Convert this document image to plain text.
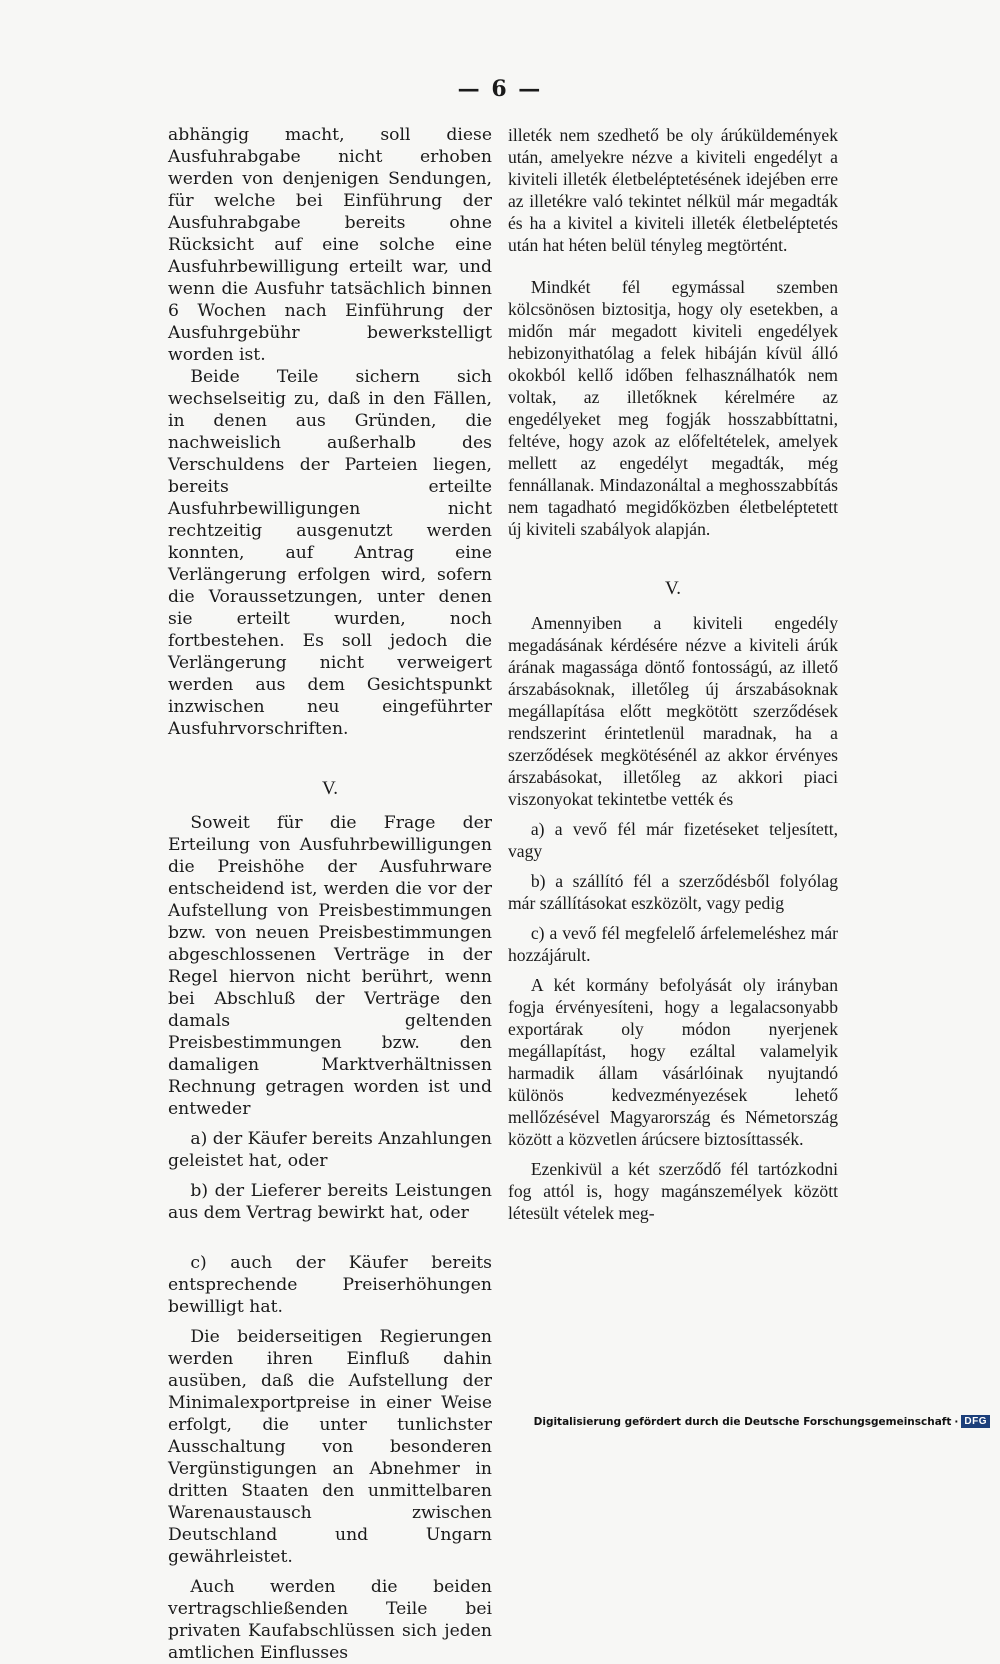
— 6 —

abhängig macht, soll diese Ausfuhrabgabe nicht erhoben werden von denjenigen Sendungen, für welche bei Einführung der Ausfuhrabgabe bereits ohne Rücksicht auf eine solche eine Ausfuhrbewilligung erteilt war, und wenn die Ausfuhr tatsächlich binnen 6 Wochen nach Einführung der Ausfuhrgebühr bewerkstelligt worden ist.

Beide Teile sichern sich wechselseitig zu, daß in den Fällen, in denen aus Gründen, die nachweislich außerhalb des Verschuldens der Parteien liegen, bereits erteilte Ausfuhrbewilligungen nicht rechtzeitig ausgenutzt werden konnten, auf Antrag eine Verlängerung erfolgen wird, sofern die Voraussetzungen, unter denen sie erteilt wurden, noch fortbestehen. Es soll jedoch die Verlängerung nicht verweigert werden aus dem Gesichtspunkt inzwischen neu eingeführter Ausfuhrvorschriften.

V.

Soweit für die Frage der Erteilung von Ausfuhrbewilligungen die Preishöhe der Ausfuhrware entscheidend ist, werden die vor der Aufstellung von Preisbestimmungen bzw. von neuen Preisbestimmungen abgeschlossenen Verträge in der Regel hiervon nicht berührt, wenn bei Abschluß der Verträge den damals geltenden Preisbestimmungen bzw. den damaligen Marktverhältnissen Rechnung getragen worden ist und entweder

a) der Käufer bereits Anzahlungen geleistet hat, oder

b) der Lieferer bereits Leistungen aus dem Vertrag bewirkt hat, oder

c) auch der Käufer bereits entsprechende Preiserhöhungen bewilligt hat.

Die beiderseitigen Regierungen werden ihren Einfluß dahin ausüben, daß die Aufstellung der Minimalexportpreise in einer Weise erfolgt, die unter tunlichster Ausschaltung von besonderen Vergünstigungen an Abnehmer in dritten Staaten den unmittelbaren Warenaustausch zwischen Deutschland und Ungarn gewährleistet.

Auch werden die beiden vertragschließenden Teile bei privaten Kaufabschlüssen sich jeden amtlichen Einflusses

illeték nem szedhető be oly árúküldemények után, amelyekre nézve a kiviteli engedélyt a kiviteli illeték életbeléptetésének idejében erre az illetékre való tekintet nélkül már megadták és ha a kivitel a kiviteli illeték életbeléptetés után hat héten belül tényleg megtörtént.

Mindkét fél egymással szemben kölcsönösen biztositja, hogy oly esetekben, a midőn már megadott kiviteli engedélyek hebizonyithatólag a felek hibáján kívül álló okokból kellő időben felhasználhatók nem voltak, az illetőknek kérelmére az engedélyeket meg fogják hosszabbíttatni, feltéve, hogy azok az előfeltételek, amelyek mellett az engedélyt megadták, még fennállanak. Mindazonáltal a meghosszabbítás nem tagadható megidőközben életbeléptetett új kiviteli szabályok alapján.

V.

Amennyiben a kiviteli engedély megadásának kérdésére nézve a kiviteli árúk árának magassága döntő fontosságú, az illető árszabásoknak, illetőleg új árszabásoknak megállapítása előtt megkötött szerződések rendszerint érintetlenül maradnak, ha a szerződések megkötésénél az akkor érvényes árszabásokat, illetőleg az akkori piaci viszonyokat tekintetbe vették és

a) a vevő fél már fizetéseket teljesített, vagy

b) a szállító fél a szerződésből folyólag már szállításokat eszközölt, vagy pedig

c) a vevő fél megfelelő árfelemeléshez már hozzájárult.

A két kormány befolyását oly irányban fogja érvényesíteni, hogy a legalacsonyabb exportárak oly módon nyerjenek megállapítást, hogy ezáltal valamelyik harmadik állam vásárlóinak nyujtandó különös kedvezményezések lehető mellőzésével Magyarország és Németország között a közvetlen árúcsere biztosíttassék.

Ezenkivül a két szerződő fél tartózkodni fog attól is, hogy magánszemélyek között létesült vételek meg-

Digitalisierung gefördert durch die Deutsche Forschungsgemeinschaft · DFG
